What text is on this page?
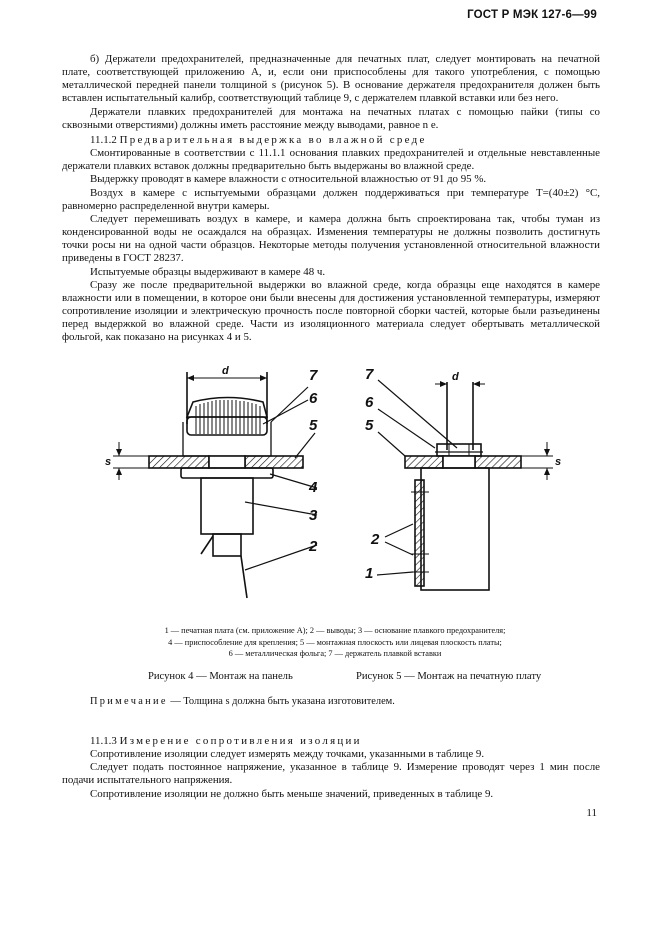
ГОСТ Р МЭК 127-6—99

б) Держатели предохранителей, предназначенные для печатных плат, следует монтировать на печатной плате, соответствующей приложению А, и, если они приспособлены для такого употребления, с помощью металлической передней панели толщиной s (рисунок 5). В основание держателя предохранителя должен быть вставлен испытательный калибр, соответствующий таблице 9, с держателем плавкой вставки или без него.

Держатели плавких предохранителей для монтажа на печатных платах с помощью пайки (типы со сквозными отверстиями) должны иметь расстояние между выводами, равное n e.

11.1.2 Предварительная выдержка во влажной среде

Смонтированные в соответствии с 11.1.1 основания плавких предохранителей и отдельные невставленные держатели плавких вставок должны предварительно быть выдержаны во влажной среде.

Выдержку проводят в камере влажности с относительной влажностью от 91 до 95 %.

Воздух в камере с испытуемыми образцами должен поддерживаться при температуре T=(40±2) °C, равномерно распределенной внутри камеры.

Следует перемешивать воздух в камере, и камера должна быть спроектирована так, чтобы туман из конденсированной воды не осаждался на образцах. Изменения температуры не должны позволить достигнуть точки росы ни на одной части образцов. Некоторые методы получения установленной относительной влажности приведены в ГОСТ 28237.

Испытуемые образцы выдерживают в камере 48 ч.

Сразу же после предварительной выдержки во влажной среде, когда образцы еще находятся в камере влажности или в помещении, в которое они были внесены для достижения установленной температуры, измеряют сопротивление изоляции и электрическую прочность после повторной сборки частей, которые были разъединены перед выдержкой во влажной среде. Части из изоляционного материала следует обертывать металлической фольгой, как показано на рисунках 4 и 5.

d	d
s	s
7
6
5
4
3
2
7
6
5
2
1
1 — печатная плата (см. приложение А); 2 — выводы; 3 — основание плавкого предохранителя;
4 — приспособление для крепления; 5 — монтажная плоскость или лицевая плоскость платы;
6 — металлическая фольга; 7 — держатель плавкой вставки
Рисунок 4 — Монтаж на панель	Рисунок 5 — Монтаж на печатную плату
Примечание — Толщина s должна быть указана изготовителем.

11.1.3 Измерение сопротивления изоляции

Сопротивление изоляции следует измерять между точками, указанными в таблице 9.

Следует подать постоянное напряжение, указанное в таблице 9. Измерение проводят через 1 мин после подачи испытательного напряжения.

Сопротивление изоляции не должно быть меньше значений, приведенных в таблице 9.

11
